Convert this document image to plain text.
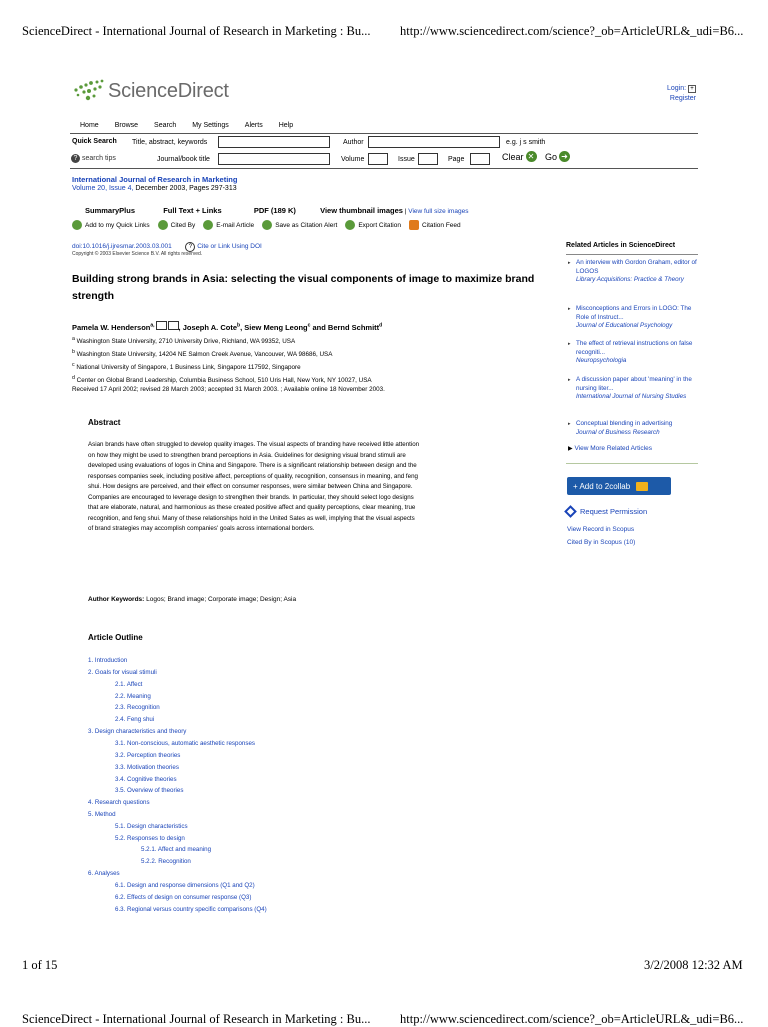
ScienceDirect - International Journal of Research in Marketing : Bu... http://www.sciencedirect.com/science?_ob=ArticleURL&_udi=B6...
ScienceDirect	Login: +
Register
Home Browse Search My Settings Alerts Help
Quick Search Title, abstract, keywords	Author	e.g. j s smith
? search tips	Journal/book title	Volume	Issue	Page	Clear ✕ Go ➜
International Journal of Research in Marketing
Volume 20, Issue 4, December 2003, Pages 297-313
SummaryPlus	Full Text + Links	PDF (189 K)	View thumbnail images | View full size images
Add to my Quick Links	Cited By	E-mail Article	Save as Citation Alert	Export Citation	Citation Feed
doi:10.1016/j.ijresmar.2003.03.001	? Cite or Link Using DOI
Copyright © 2003 Elsevier Science B.V. All rights reserved.
Building strong brands in Asia: selecting the visual components of image to maximize brand strength
Pamela W. Henderson$^{a,}$	, Joseph A. Cote$^b$, Siew Meng Leong$^c$ and Bernd Schmitt$^d$
$^a$ Washington State University, 2710 University Drive, Richland, WA 99352, USA
$^b$ Washington State University, 14204 NE Salmon Creek Avenue, Vancouver, WA 98686, USA
$^c$ National University of Singapore, 1 Business Link, Singapore 117592, Singapore
$^d$ Center on Global Brand Leadership, Columbia Business School, 510 Uris Hall, New York, NY 10027, USA
Received 17 April 2002; revised 28 March 2003; accepted 31 March 2003. ; Available online 18 November 2003.
Abstract
Asian brands have often struggled to develop quality images. The visual aspects of branding have received little attention on how they might be used to strengthen brand perceptions in Asia. Guidelines for designing visual brand stimuli are developed using evaluations of logos in China and Singapore. There is a significant relationship between design and the responses companies seek, including positive affect, perceptions of quality, recognition, consensus in meaning, and feng shui. How designs are perceived, and their effect on consumer responses, were similar between China and Singapore. Companies are encouraged to leverage design to strengthen their brands. In particular, they should select logo designs that are elaborate, natural, and harmonious as these created positive affect and quality perceptions, clear meaning, true recognition, and feng shui. Many of these relationships hold in the United Sates as well, implying that the visual aspects of brand strategies may accomplish companies' goals across international borders.
Author Keywords: Logos; Brand image; Corporate image; Design; Asia
Article Outline
1. Introduction
2. Goals for visual stimuli
2.1. Affect
2.2. Meaning
2.3. Recognition
2.4. Feng shui
3. Design characteristics and theory
3.1. Non-conscious, automatic aesthetic responses
3.2. Perception theories
3.3. Motivation theories
3.4. Cognitive theories
3.5. Overview of theories
4. Research questions
5. Method
5.1. Design characteristics
5.2. Responses to design
5.2.1. Affect and meaning
5.2.2. Recognition
6. Analyses
6.1. Design and response dimensions (Q1 and Q2)
6.2. Effects of design on consumer response (Q3)
6.3. Regional versus country specific comparisons (Q4)
Related Articles in ScienceDirect
▸ An interview with Gordon Graham, editor of LOGOS
Library Acquisitions: Practice & Theory
▸ Misconceptions and Errors in LOGO: The Role of Instruct...
Journal of Educational Psychology
▸ The effect of retrieval instructions on false recogniti...
Neuropsychologia
▸ A discussion paper about 'meaning' in the nursing liter...
International Journal of Nursing Studies
▸ Conceptual blending in advertising
Journal of Business Research
▶ View More Related Articles
+ Add to 2collab
Request Permission
View Record in Scopus
Cited By in Scopus (10)
1 of 15	3/2/2008 12:32 AM
ScienceDirect - International Journal of Research in Marketing : Bu... http://www.sciencedirect.com/science?_ob=ArticleURL&_udi=B6...
